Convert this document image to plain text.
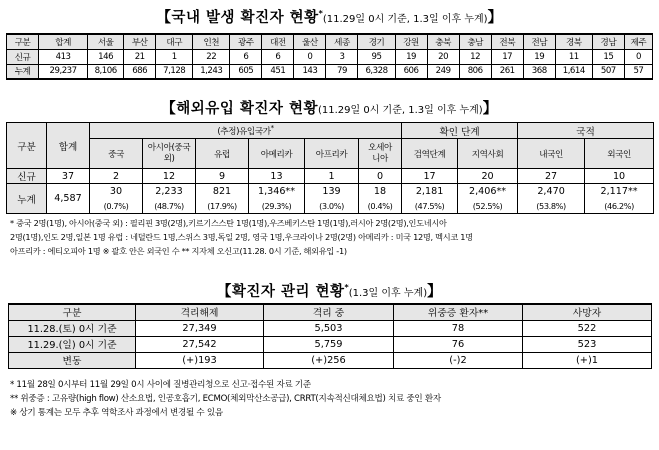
【국내 발생 확진자 현황*(11.29일 0시 기준, 1.3일 이후 누계)】
구분	합계	서울	부산	대구	인천	광주	대전	울산	세종	경기	강원	충북	충남	전북	전남	경북	경남	제주
신규	413	146	21	1	22	6	6	0	3	95	19	20	12	17	19	11	15	0
누계	29,237	8,106	686	7,128	1,243	605	451	143	79	6,328	606	249	806	261	368	1,614	507	57
【해외유입 확진자 현황(11.29일 0시 기준, 1.3일 이후 누계)】
구분	합계	(추정)유입국가*						확인 단계		국적	
		중국	아시아(중국 외)	유럽	아메리카	아프리카	오세아니아	검역단계	지역사회	내국인	외국인
신규	37	2	12	9	13	1	0	17	20	27	10
누계	4,587	30	2,233	821	1,346**	139	18	2,181	2,406**	2,470	2,117**
		(0.7%)	(48.7%)	(17.9%)	(29.3%)	(3.0%)	(0.4%)	(47.5%)	(52.5%)	(53.8%)	(46.2%)
* 중국 2명(1명), 아시아(중국 외) : 필리핀 3명(2명),키르기스스탄 1명(1명),우즈베키스탄 1명(1명),러시아 2명(2명),인도네시아
2명(1명),인도 2명,일본 1명 유럽 : 네덜란드 1명,스위스 3명,독일 2명, 영국 1명,우크라이나 2명(2명) 아메리카 : 미국 12명, 멕시코 1명
아프리카 : 에티오피아 1명 ※ 괄호 안은 외국인 수 ** 지자체 오신고(11.28. 0시 기준, 해외유입 -1)
【확진자 관리 현황*(1.3일 이후 누계)】
구분	격리해제	격리 중	위중증 환자**	사망자
11.28.(토) 0시 기준	27,349	5,503	78	522
11.29.(일) 0시 기준	27,542	5,759	76	523
변동	(+)193	(+)256	(-)2	(+)1
* 11월 28일 0시부터 11월 29일 0시 사이에 질병관리청으로 신고·접수된 자료 기준
** 위중증 : 고유량(high flow) 산소요법, 인공호흡기, ECMO(체외막산소공급), CRRT(지속적신대체요법) 치료 중인 환자
※ 상기 통계는 모두 추후 역학조사 과정에서 변경될 수 있음
